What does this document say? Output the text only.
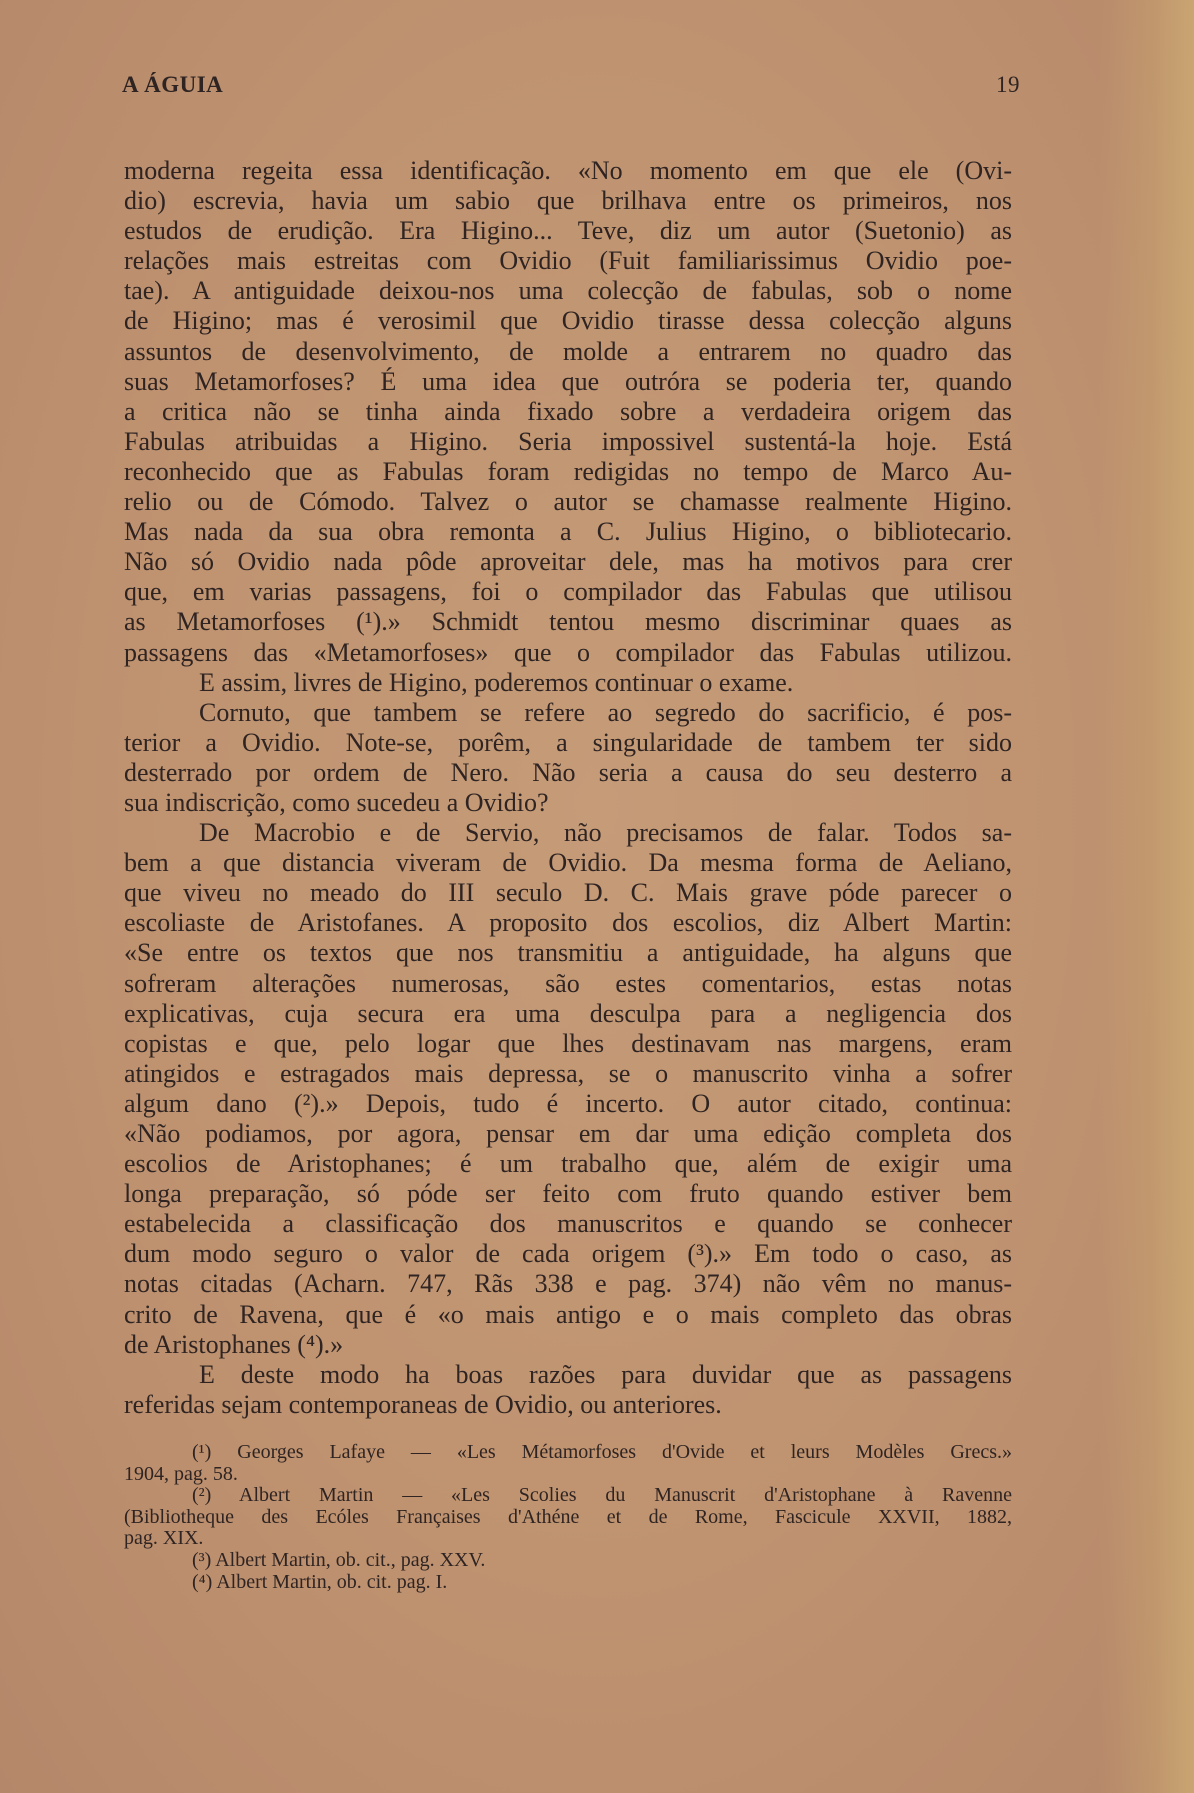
A ÁGUIA	19
moderna regeita essa identificação. «No momento em que ele (Ovi-
dio) escrevia, havia um sabio que brilhava entre os primeiros, nos
estudos de erudição. Era Higino... Teve, diz um autor (Suetonio) as
relações mais estreitas com Ovidio (Fuit familiarissimus Ovidio poe-
tae). A antiguidade deixou-nos uma colecção de fabulas, sob o nome
de Higino; mas é verosimil que Ovidio tirasse dessa colecção alguns
assuntos de desenvolvimento, de molde a entrarem no quadro das
suas Metamorfoses? É uma idea que outróra se poderia ter, quando
a critica não se tinha ainda fixado sobre a verdadeira origem das
Fabulas atribuidas a Higino. Seria impossivel sustentá-la hoje. Está
reconhecido que as Fabulas foram redigidas no tempo de Marco Au-
relio ou de Cómodo. Talvez o autor se chamasse realmente Higino.
Mas nada da sua obra remonta a C. Julius Higino, o bibliotecario.
Não só Ovidio nada pôde aproveitar dele, mas ha motivos para crer
que, em varias passagens, foi o compilador das Fabulas que utilisou
as Metamorfoses (¹).» Schmidt tentou mesmo discriminar quaes as
passagens das «Metamorfoses» que o compilador das Fabulas utilizou.
E assim, livres de Higino, poderemos continuar o exame.
Cornuto, que tambem se refere ao segredo do sacrificio, é pos-
terior a Ovidio. Note-se, porêm, a singularidade de tambem ter sido
desterrado por ordem de Nero. Não seria a causa do seu desterro a
sua indiscrição, como sucedeu a Ovidio?
De Macrobio e de Servio, não precisamos de falar. Todos sa-
bem a que distancia viveram de Ovidio. Da mesma forma de Aeliano,
que viveu no meado do III seculo D. C. Mais grave póde parecer o
escoliaste de Aristofanes. A proposito dos escolios, diz Albert Martin:
«Se entre os textos que nos transmitiu a antiguidade, ha alguns que
sofreram alterações numerosas, são estes comentarios, estas notas
explicativas, cuja secura era uma desculpa para a negligencia dos
copistas e que, pelo logar que lhes destinavam nas margens, eram
atingidos e estragados mais depressa, se o manuscrito vinha a sofrer
algum dano (²).» Depois, tudo é incerto. O autor citado, continua:
«Não podiamos, por agora, pensar em dar uma edição completa dos
escolios de Aristophanes; é um trabalho que, além de exigir uma
longa preparação, só póde ser feito com fruto quando estiver bem
estabelecida a classificação dos manuscritos e quando se conhecer
dum modo seguro o valor de cada origem (³).» Em todo o caso, as
notas citadas (Acharn. 747, Rãs 338 e pag. 374) não vêm no manus-
crito de Ravena, que é «o mais antigo e o mais completo das obras
de Aristophanes (⁴).»
E deste modo ha boas razões para duvidar que as passagens
referidas sejam contemporaneas de Ovidio, ou anteriores.
(¹) Georges Lafaye — «Les Métamorfoses d'Ovide et leurs Modèles Grecs.»
1904, pag. 58.
(²) Albert Martin — «Les Scolies du Manuscrit d'Aristophane à Ravenne
(Bibliotheque des Ecóles Françaises d'Athéne et de Rome, Fascicule XXVII, 1882,
pag. XIX.
(³) Albert Martin, ob. cit., pag. XXV.
(⁴) Albert Martin, ob. cit. pag. I.
